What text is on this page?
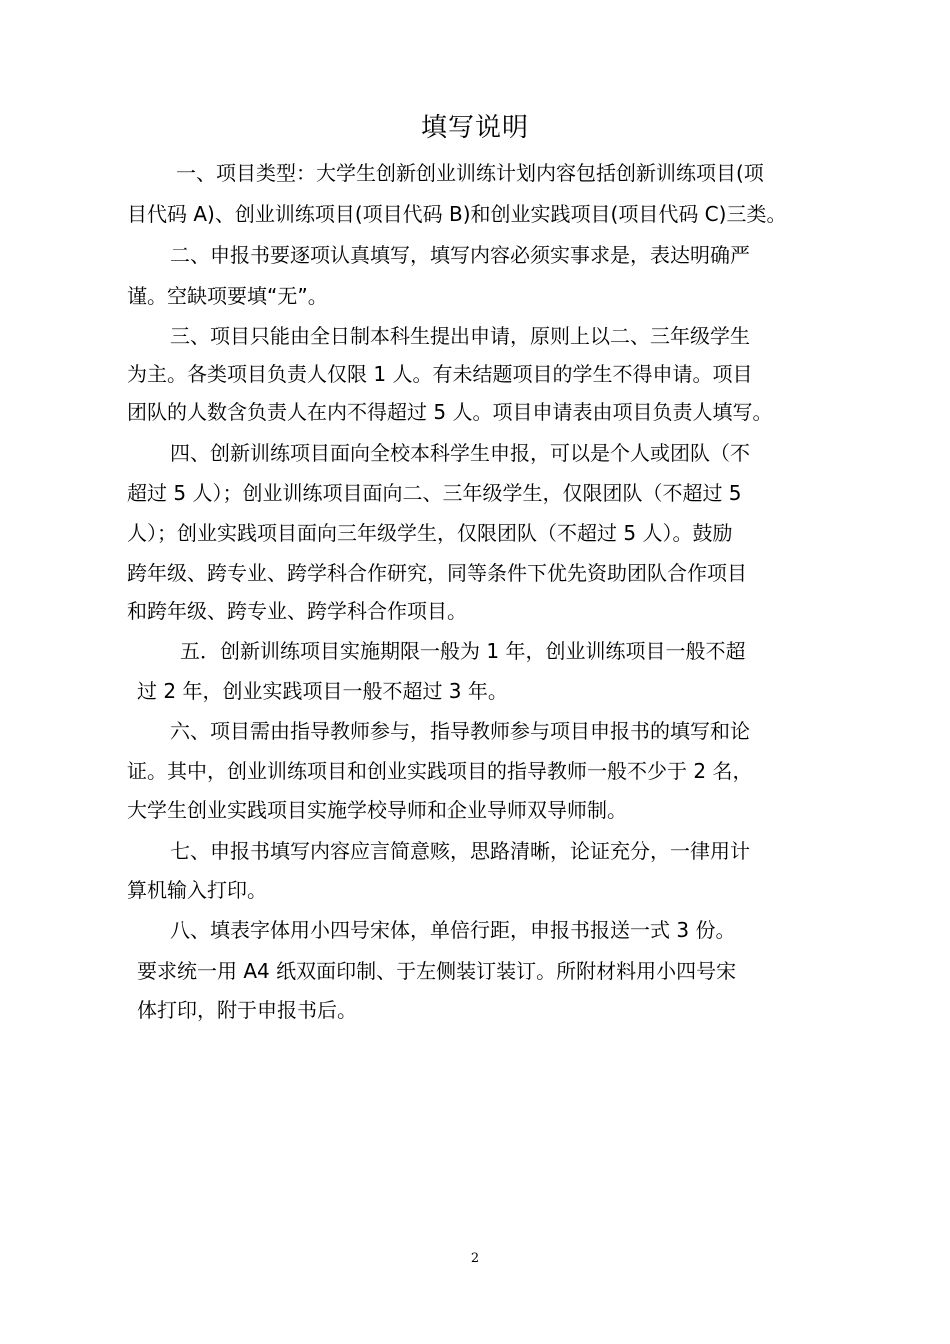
填写说明
一、项目类型：大学生创新创业训练计划内容包括创新训练项目(项
目代码 A)、创业训练项目(项目代码 B)和创业实践项目(项目代码 C)三类。
二、申报书要逐项认真填写，填写内容必须实事求是，表达明确严
谨。空缺项要填“无”。
三、项目只能由全日制本科生提出申请，原则上以二、三年级学生
为主。各类项目负责人仅限 1 人。有未结题项目的学生不得申请。项目
团队的人数含负责人在内不得超过 5 人。项目申请表由项目负责人填写。
四、创新训练项目面向全校本科学生申报，可以是个人或团队（不
超过 5 人）；创业训练项目面向二、三年级学生，仅限团队（不超过 5
人）；创业实践项目面向三年级学生，仅限团队（不超过 5 人）。鼓励
跨年级、跨专业、跨学科合作研究，同等条件下优先资助团队合作项目
和跨年级、跨专业、跨学科合作项目。
五．创新训练项目实施期限一般为 1 年，创业训练项目一般不超
过 2 年，创业实践项目一般不超过 3 年。
六、项目需由指导教师参与，指导教师参与项目申报书的填写和论
证。其中，创业训练项目和创业实践项目的指导教师一般不少于 2 名，
大学生创业实践项目实施学校导师和企业导师双导师制。
七、申报书填写内容应言简意赅，思路清晰，论证充分，一律用计
算机输入打印。
八、填表字体用小四号宋体，单倍行距，申报书报送一式 3 份。
要求统一用 A4 纸双面印制、于左侧装订装订。所附材料用小四号宋
体打印，附于申报书后。
2
